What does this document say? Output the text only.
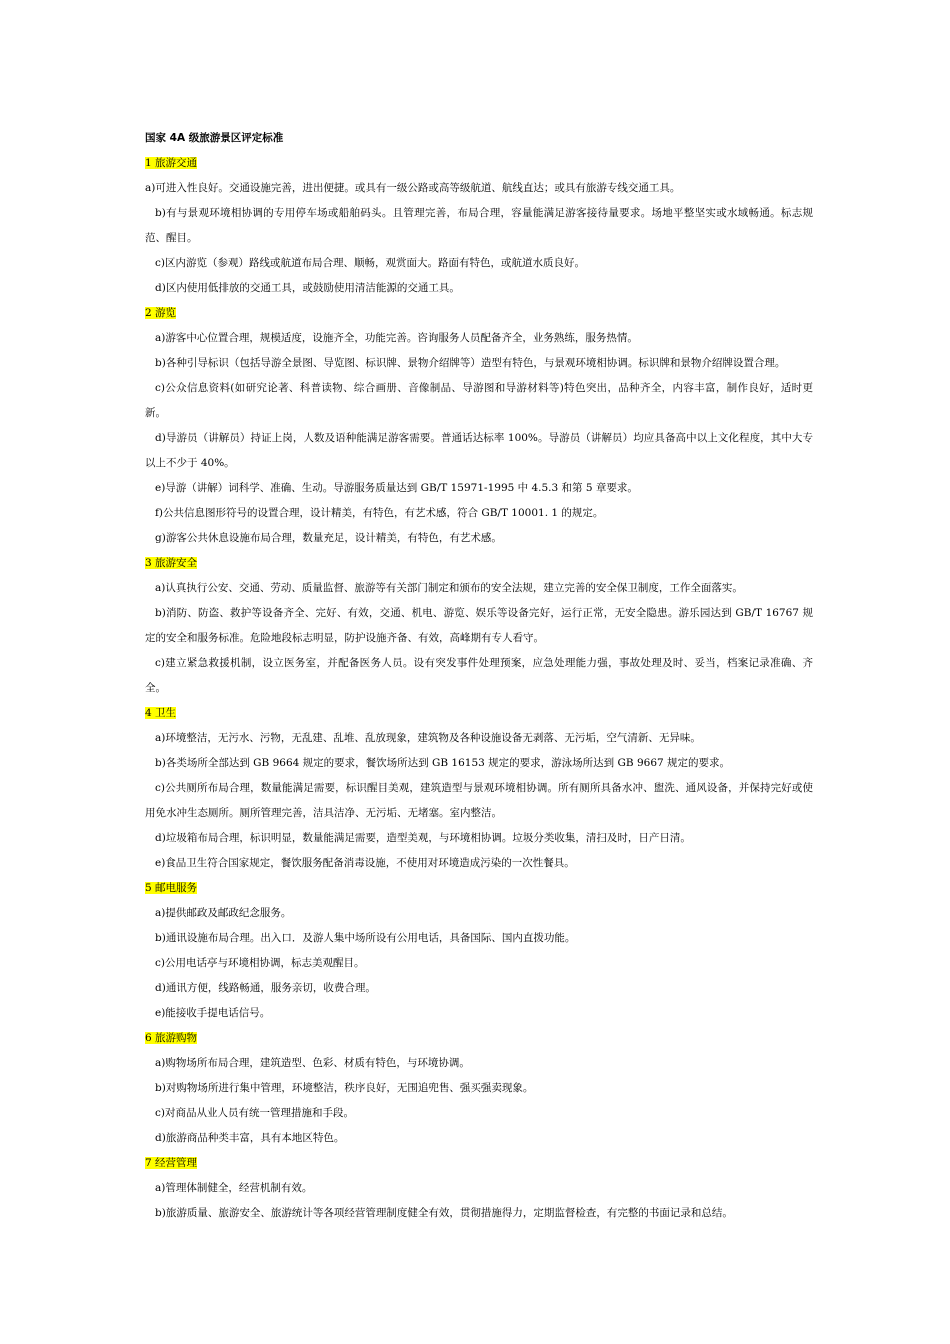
国家 4A 级旅游景区评定标准

1 旅游交通

a)可进入性良好。交通设施完善，进出便捷。或具有一级公路或高等级航道、航线直达；或具有旅游专线交通工具。

b)有与景观环境相协调的专用停车场或船舶码头。且管理完善，布局合理，容量能满足游客接待量要求。场地平整坚实或水域畅通。标志规范、醒目。

c)区内游览（参观）路线或航道布局合理、顺畅，观赏面大。路面有特色，或航道水质良好。

d)区内使用低排放的交通工具，或鼓励使用清洁能源的交通工具。

2 游览

a)游客中心位置合理，规模适度，设施齐全，功能完善。咨询服务人员配备齐全，业务熟练，服务热情。

b)各种引导标识（包括导游全景图、导览图、标识牌、景物介绍牌等）造型有特色，与景观环境相协调。标识牌和景物介绍牌设置合理。

c)公众信息资料(如研究论著、科普读物、综合画册、音像制品、导游图和导游材料等)特色突出，品种齐全，内容丰富，制作良好，适时更新。

d)导游员（讲解员）持证上岗，人数及语种能满足游客需要。普通话达标率 100%。导游员（讲解员）均应具备高中以上文化程度，其中大专以上不少于 40%。

e)导游（讲解）词科学、准确、生动。导游服务质量达到 GB/T 15971-1995 中 4.5.3 和第 5 章要求。

f)公共信息图形符号的设置合理，设计精美，有特色，有艺术感，符合 GB/T 10001. 1 的规定。

g)游客公共休息设施布局合理，数量充足，设计精美，有特色，有艺术感。

3 旅游安全

a)认真执行公安、交通、劳动、质量监督、旅游等有关部门制定和颁布的安全法规，建立完善的安全保卫制度，工作全面落实。

b)消防、防盗、救护等设备齐全、完好、有效，交通、机电、游览、娱乐等设备完好，运行正常，无安全隐患。游乐园达到 GB/T 16767 规定的安全和服务标准。危险地段标志明显，防护设施齐备、有效，高峰期有专人看守。

c)建立紧急救援机制，设立医务室，并配备医务人员。设有突发事件处理预案，应急处理能力强，事故处理及时、妥当，档案记录准确、齐全。

4 卫生

a)环境整洁，无污水、污物，无乱建、乱堆、乱放现象，建筑物及各种设施设备无剥落、无污垢，空气清新、无异味。

b)各类场所全部达到 GB 9664 规定的要求，餐饮场所达到 GB 16153 规定的要求，游泳场所达到 GB 9667 规定的要求。

c)公共厕所布局合理，数量能满足需要，标识醒目美观，建筑造型与景观环境相协调。所有厕所具备水冲、盥洗、通风设备，并保持完好或使用免水冲生态厕所。厕所管理完善，洁具洁净、无污垢、无堵塞。室内整洁。

d)垃圾箱布局合理，标识明显，数量能满足需要，造型美观，与环境相协调。垃圾分类收集，清扫及时，日产日清。

e)食品卫生符合国家规定，餐饮服务配备消毒设施，不使用对环境造成污染的一次性餐具。

5 邮电服务

a)提供邮政及邮政纪念服务。

b)通讯设施布局合理。出入口．及游人集中场所设有公用电话，具备国际、国内直拨功能。

c)公用电话亭与环境相协调，标志美观醒目。

d)通讯方便，线路畅通，服务亲切，收费合理。

e)能接收手提电话信号。

6 旅游购物

a)购物场所布局合理，建筑造型、色彩、材质有特色，与环境协调。

b)对购物场所进行集中管理，环境整洁，秩序良好，无围追兜售、强买强卖现象。

c)对商品从业人员有统一管理措施和手段。

d)旅游商品种类丰富，具有本地区特色。

7 经营管理

a)管理体制健全，经营机制有效。

b)旅游质量、旅游安全、旅游统计等各项经营管理制度健全有效，贯彻措施得力，定期监督检查，有完整的书面记录和总结。
